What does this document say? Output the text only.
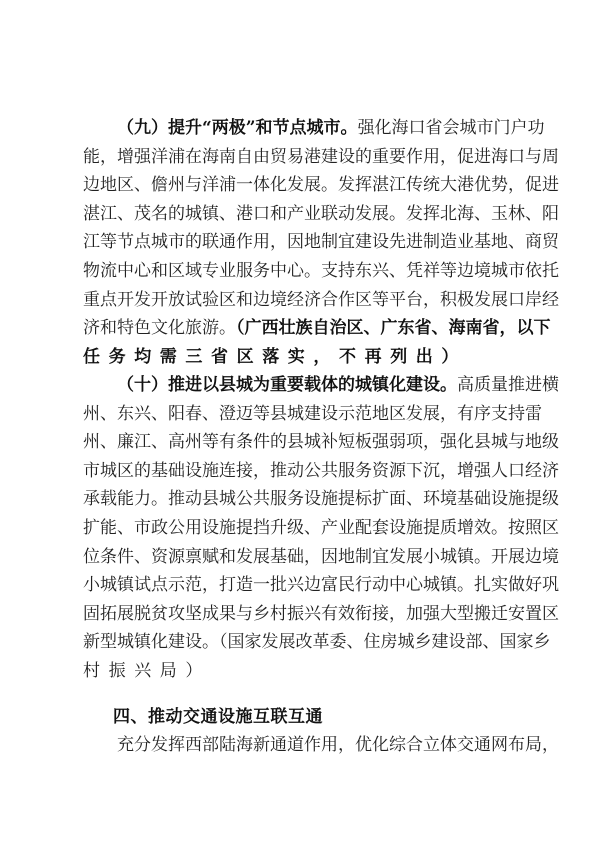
（九）提升“两极”和节点城市。强化海口省会城市门户功
能，增强洋浦在海南自由贸易港建设的重要作用，促进海口与周
边地区、儋州与洋浦一体化发展。发挥湛江传统大港优势，促进
湛江、茂名的城镇、港口和产业联动发展。发挥北海、玉林、阳
江等节点城市的联通作用，因地制宜建设先进制造业基地、商贸
物流中心和区域专业服务中心。支持东兴、凭祥等边境城市依托
重点开发开放试验区和边境经济合作区等平台，积极发展口岸经
济和特色文化旅游。（广西壮族自治区、广东省、海南省，以下
任务均需三省区落实，不再列出）
（十）推进以县城为重要载体的城镇化建设。高质量推进横
州、东兴、阳春、澄迈等县城建设示范地区发展，有序支持雷
州、廉江、高州等有条件的县城补短板强弱项，强化县城与地级
市城区的基础设施连接，推动公共服务资源下沉，增强人口经济
承载能力。推动县城公共服务设施提标扩面、环境基础设施提级
扩能、市政公用设施提挡升级、产业配套设施提质增效。按照区
位条件、资源禀赋和发展基础，因地制宜发展小城镇。开展边境
小城镇试点示范，打造一批兴边富民行动中心城镇。扎实做好巩
固拓展脱贫攻坚成果与乡村振兴有效衔接，加强大型搬迁安置区
新型城镇化建设。（国家发展改革委、住房城乡建设部、国家乡
村振兴局）
充分发挥西部陆海新通道作用，优化综合立体交通网布局，
四、推动交通设施互联互通
